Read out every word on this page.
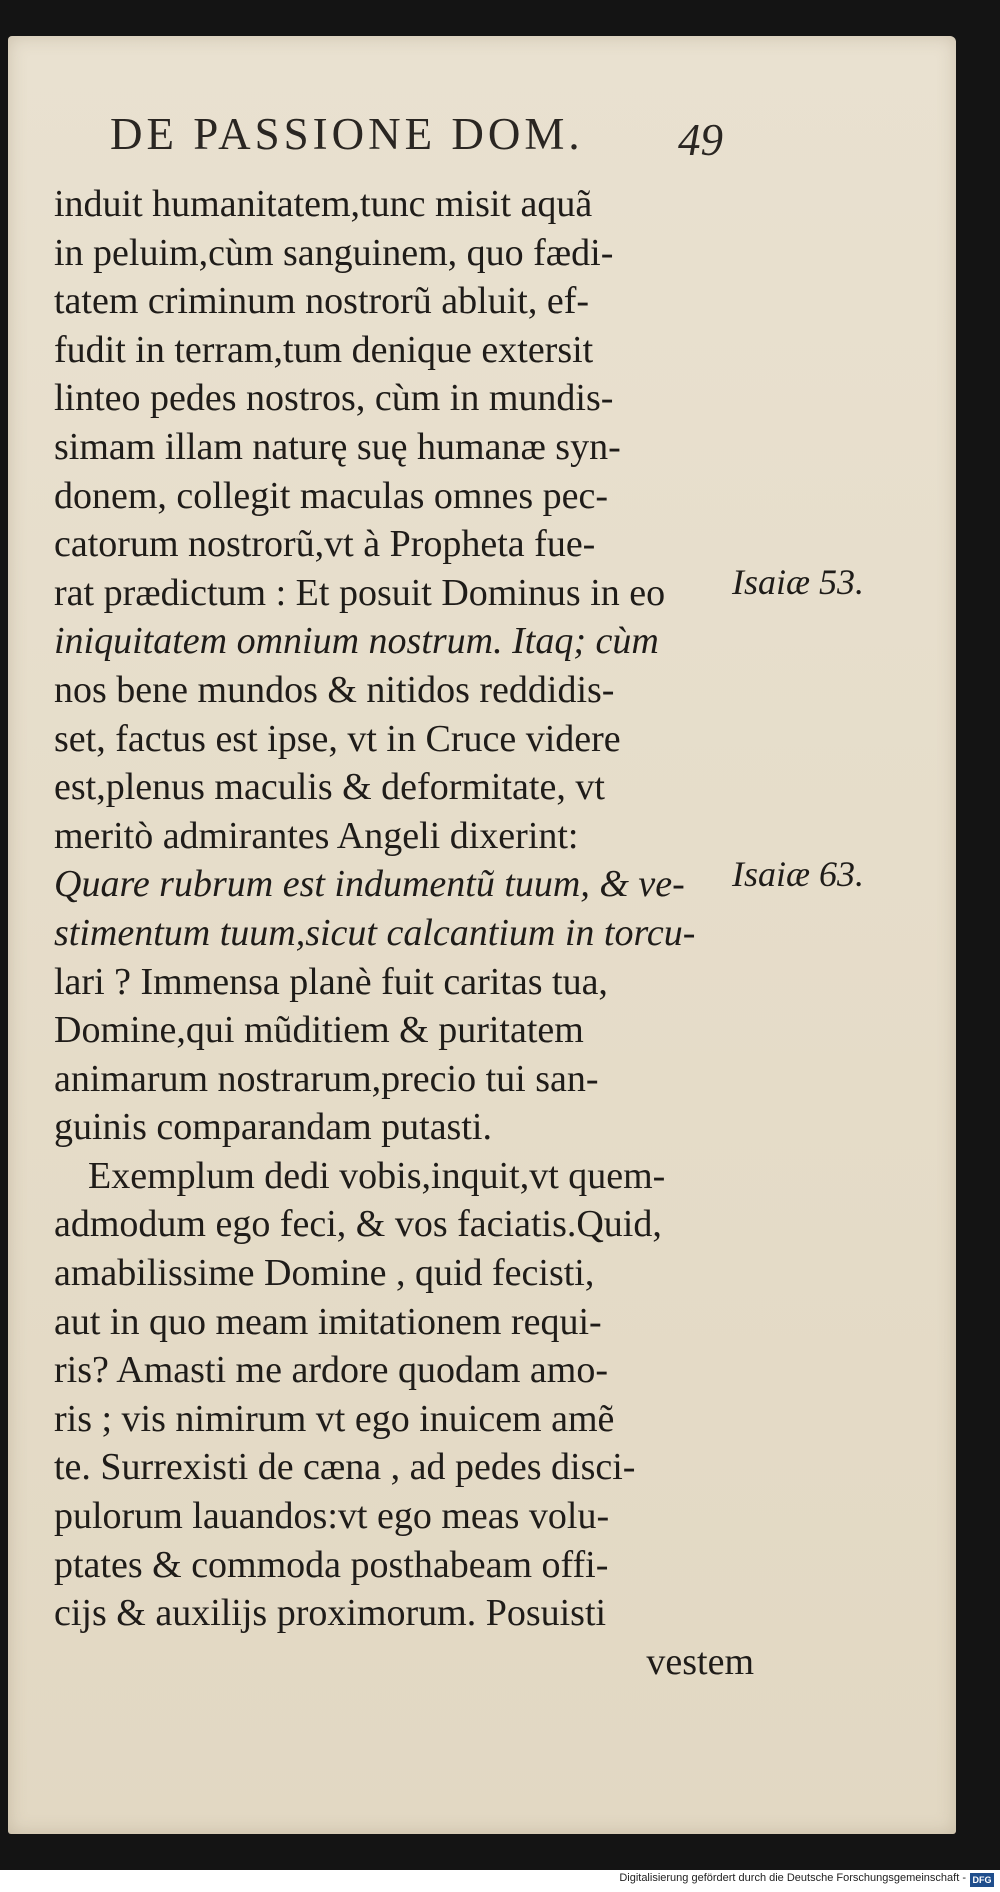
DE PASSIONE DOM. 49
induit humanitatem,tunc misit aquã
in peluim,cùm sanguinem, quo fædi-
tatem criminum nostrorũ abluit, ef-
fudit in terram,tum denique extersit
linteo pedes nostros, cùm in mundis-
simam illam naturę suę humanæ syn-
donem, collegit maculas omnes pec-
catorum nostrorũ,vt à Propheta fue-
rat prædictum : Et posuit Dominus in eo
iniquitatem omnium nostrum. Itaq; cùm
nos bene mundos & nitidos reddidis-
set, factus est ipse, vt in Cruce videre
est,plenus maculis & deformitate, vt
meritò admirantes Angeli dixerint:
Quare rubrum est indumentũ tuum, & ve-
stimentum tuum,sicut calcantium in torcu-
lari ? Immensa planè fuit caritas tua,
Domine,qui mũditiem & puritatem
animarum nostrarum,precio tui san-
guinis comparandam putasti.
Exemplum dedi vobis,inquit,vt quem-
admodum ego feci, & vos faciatis.Quid,
amabilissime Domine , quid fecisti,
aut in quo meam imitationem requi-
ris? Amasti me ardore quodam amo-
ris ; vis nimirum vt ego inuicem amẽ
te. Surrexisti de cæna , ad pedes disci-
pulorum lauandos:vt ego meas volu-
ptates & commoda posthabeam offi-
cijs & auxilijs proximorum. Posuisti
vestem
Isaiæ 53.
Isaiæ 63.
Digitalisierung gefördert durch die Deutsche Forschungsgemeinschaft - DFG
